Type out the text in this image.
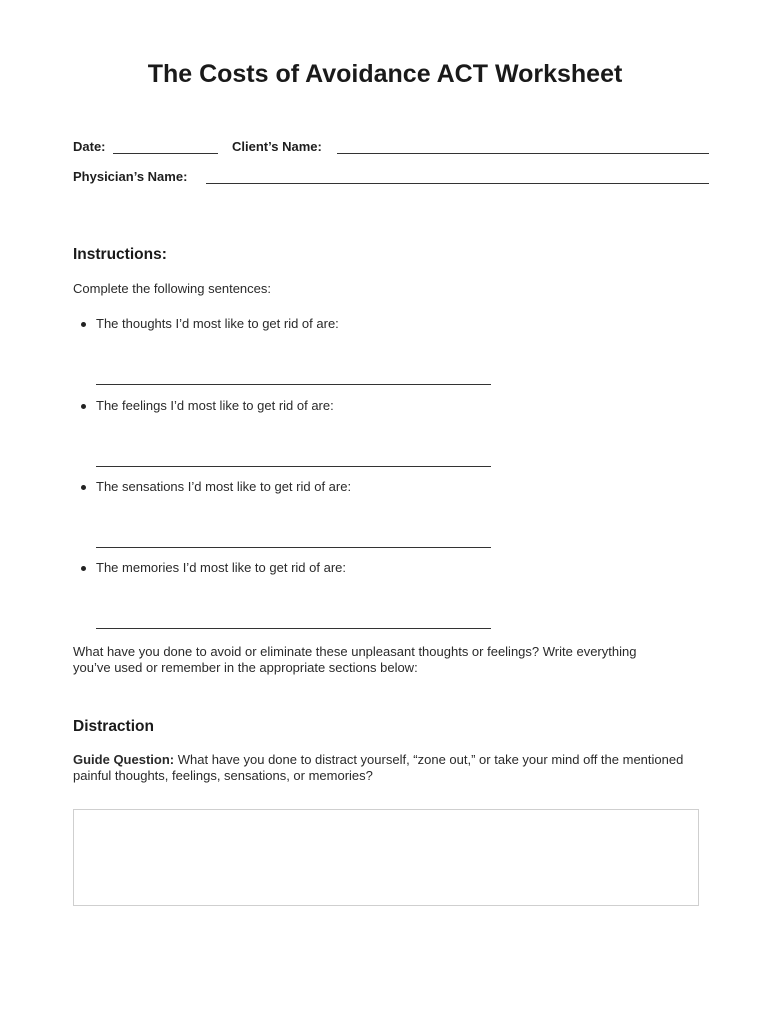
The Costs of Avoidance ACT Worksheet
Date:	Client’s Name:
Physician’s Name:
Instructions:
Complete the following sentences:
The thoughts I’d most like to get rid of are:
The feelings I’d most like to get rid of are:
The sensations I’d most like to get rid of are:
The memories I’d most like to get rid of are:
What have you done to avoid or eliminate these unpleasant thoughts or feelings? Write everything you’ve used or remember in the appropriate sections below:
Distraction
Guide Question: What have you done to distract yourself, “zone out,” or take your mind off the mentioned painful thoughts, feelings, sensations, or memories?
